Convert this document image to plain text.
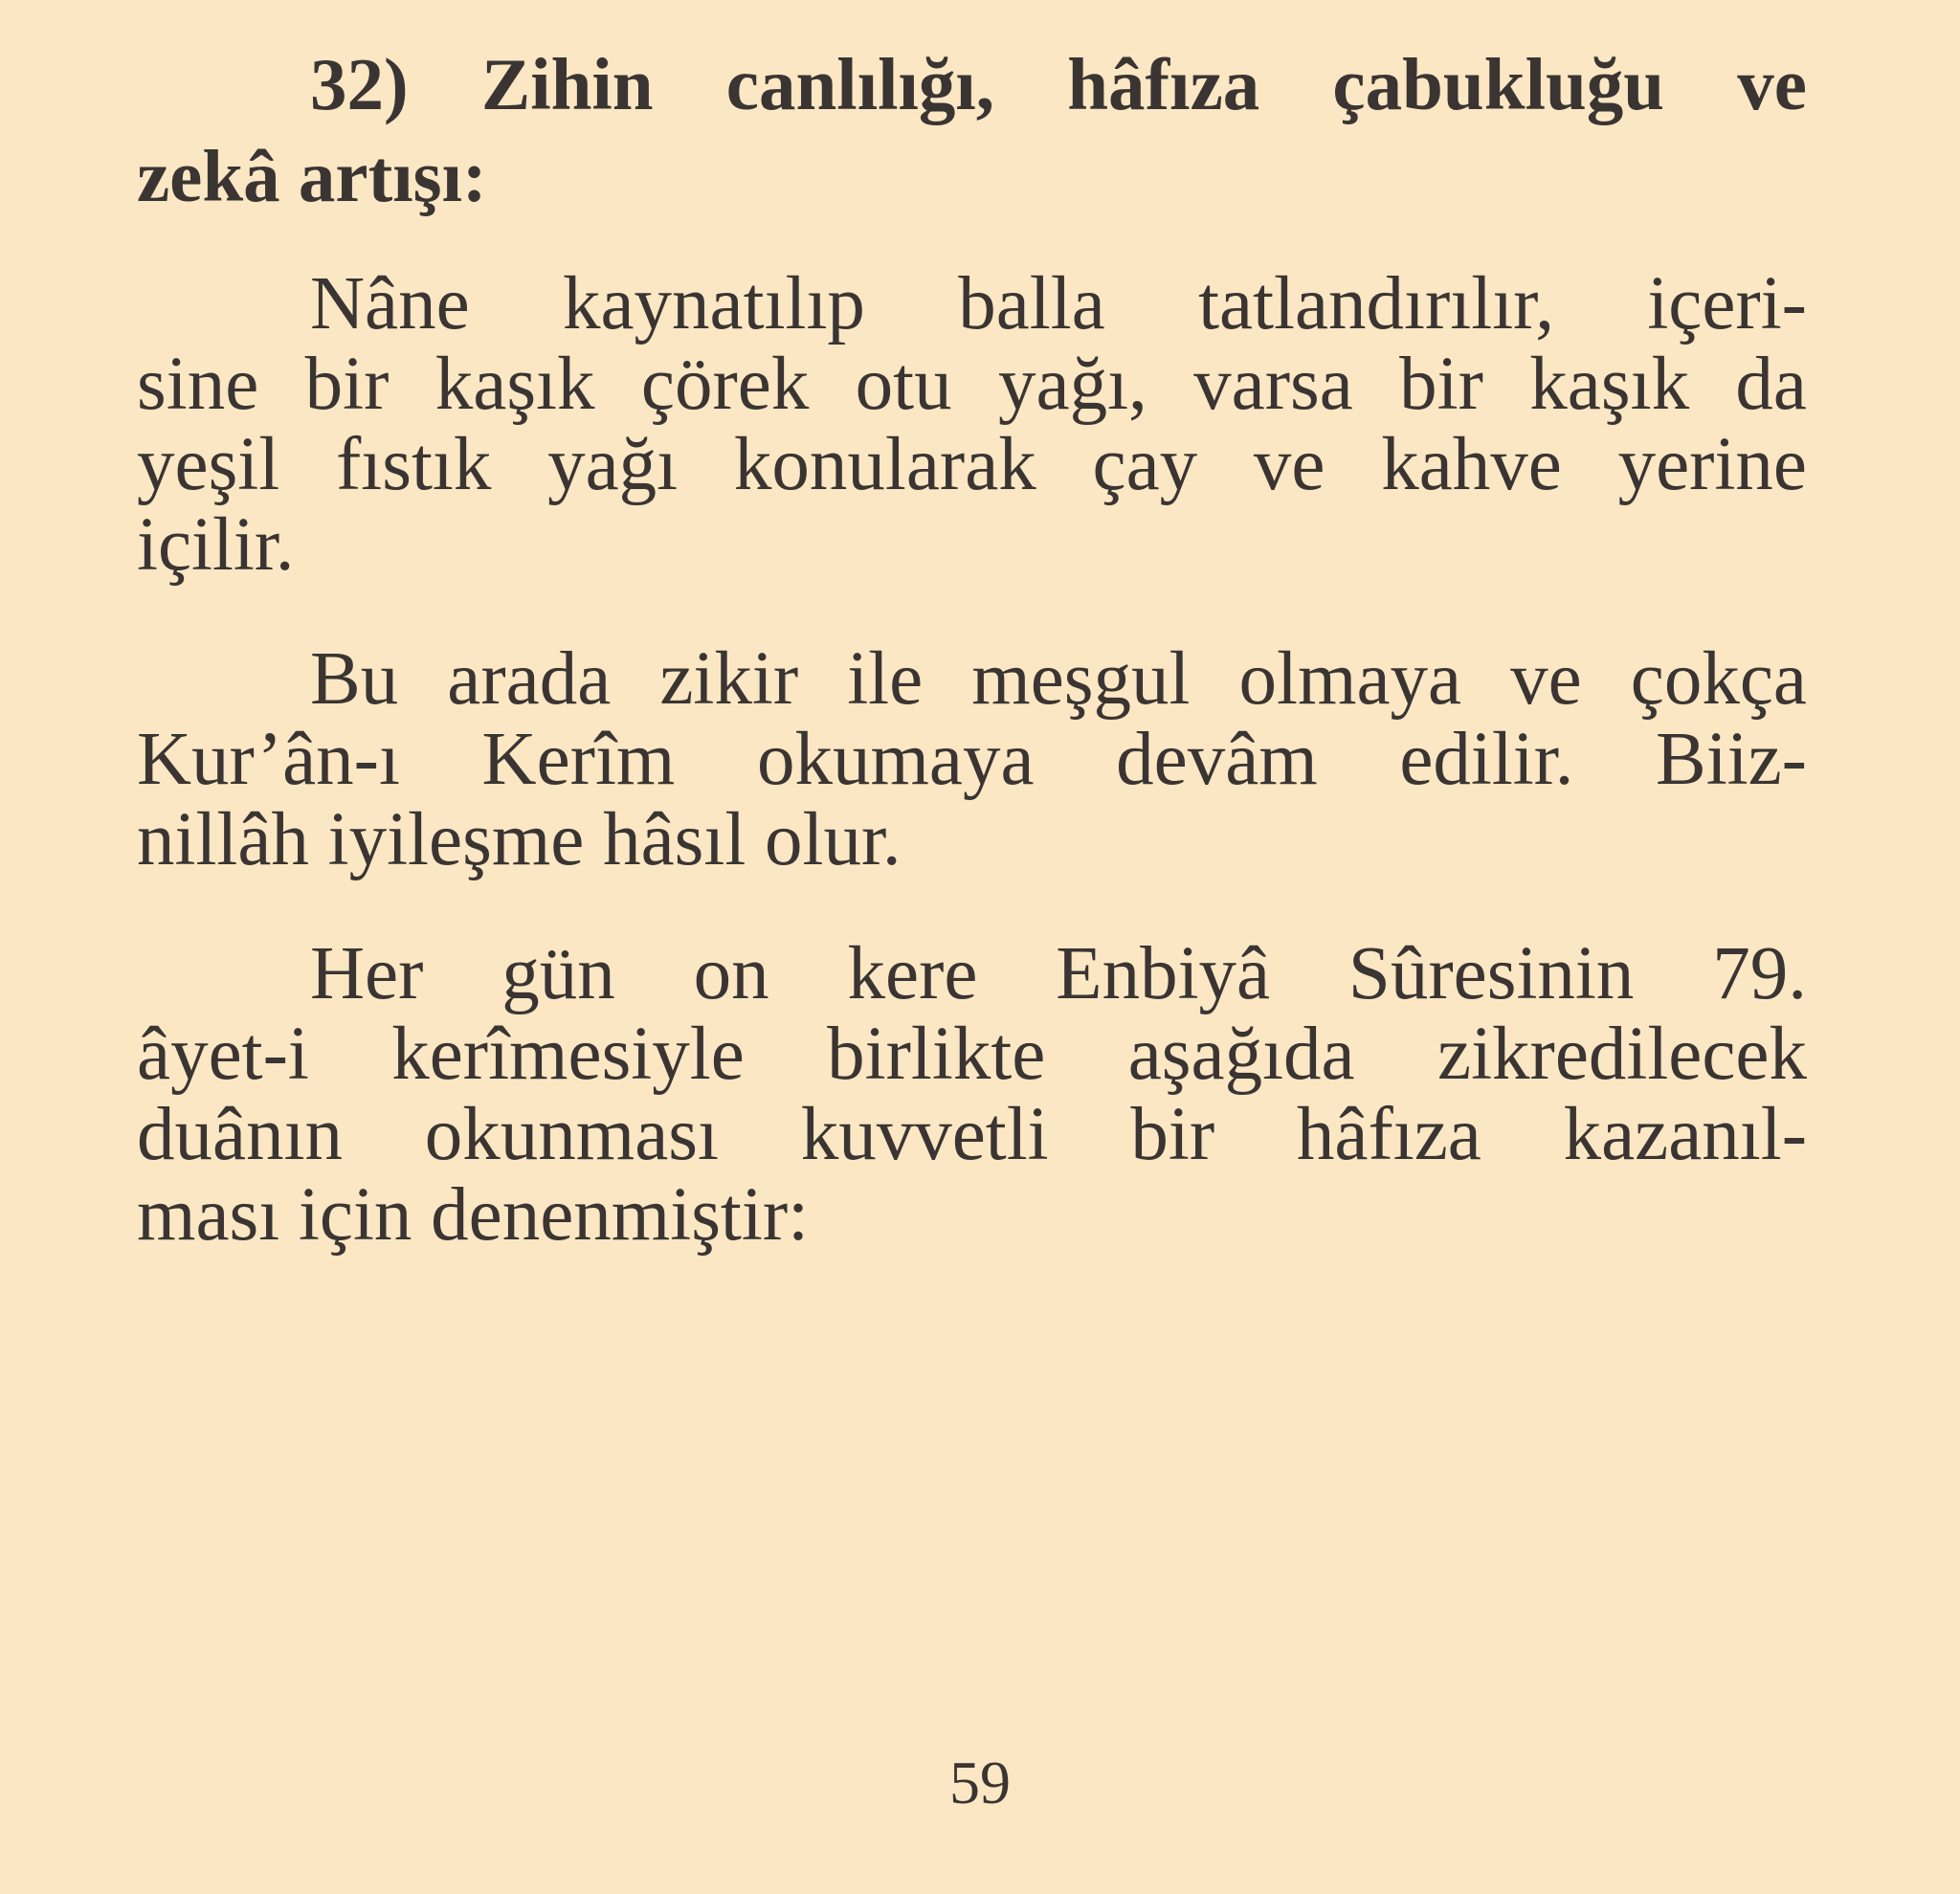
32) Zihin canlılığı, hâfıza çabukluğu ve
zekâ artışı:
Nâne kaynatılıp balla tatlandırılır, içeri-
sine bir kaşık çörek otu yağı, varsa bir kaşık da
yeşil fıstık yağı konularak çay ve kahve yerine
içilir.
Bu arada zikir ile meşgul olmaya ve çokça
Kur’ân-ı Kerîm okumaya devâm edilir. Biiz-
nillâh iyileşme hâsıl olur.
Her gün on kere Enbiyâ Sûresinin 79.
âyet-i kerîmesiyle birlikte aşağıda zikredilecek
duânın okunması kuvvetli bir hâfıza kazanıl-
ması için denenmiştir:
59
